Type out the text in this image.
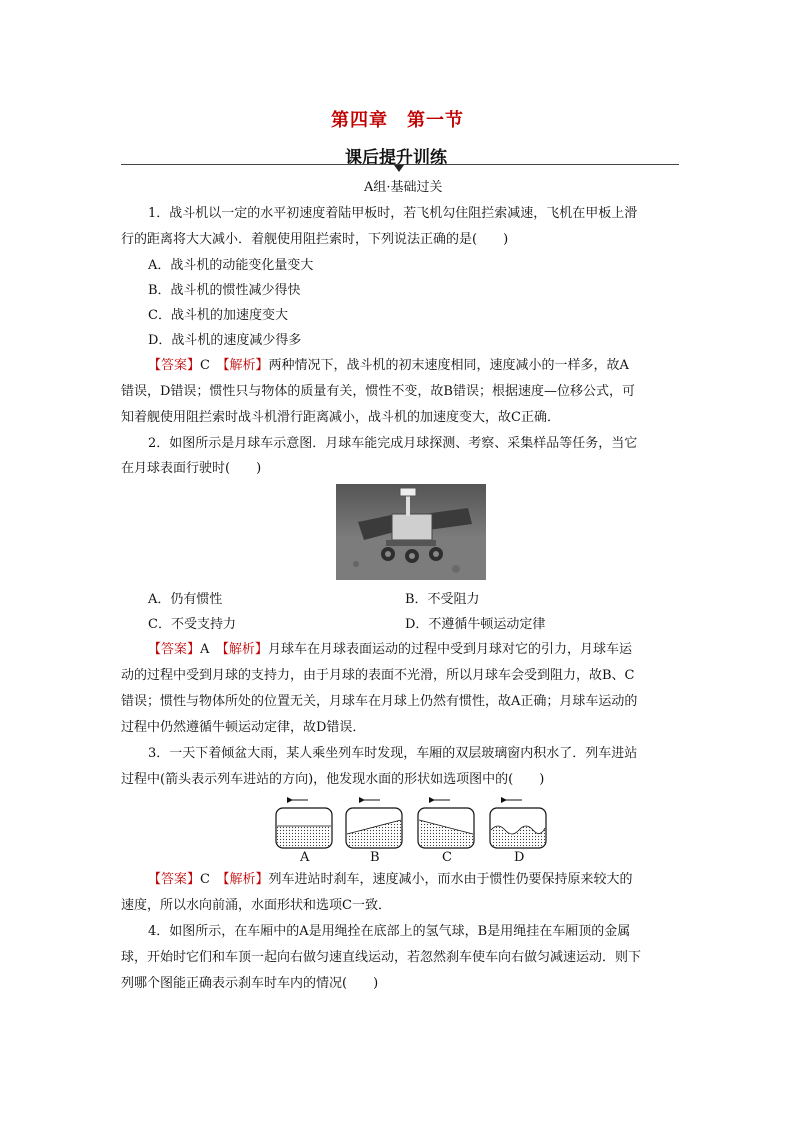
第四章　第一节
课后提升训练
A组·基础过关
1．战斗机以一定的水平初速度着陆甲板时，若飞机勾住阻拦索减速，飞机在甲板上滑
行的距离将大大减小．着舰使用阻拦索时，下列说法正确的是(　　)
A．战斗机的动能变化量变大
B．战斗机的惯性减少得快
C．战斗机的加速度变大
D．战斗机的速度减少得多
【答案】C　 【解析】两种情况下，战斗机的初末速度相同，速度减小的一样多，故A
错误，D错误；惯性只与物体的质量有关，惯性不变，故B错误；根据速度—位移公式，可
知着舰使用阻拦索时战斗机滑行距离减小，战斗机的加速度变大，故C正确．
2．如图所示是月球车示意图．月球车能完成月球探测、考察、采集样品等任务，当它
在月球表面行驶时(　　)
A．仍有惯性	B．不受阻力
C．不受支持力	D．不遵循牛顿运动定律
【答案】A　 【解析】月球车在月球表面运动的过程中受到月球对它的引力，月球车运
动的过程中受到月球的支持力，由于月球的表面不光滑，所以月球车会受到阻力，故B、C
错误；惯性与物体所处的位置无关，月球车在月球上仍然有惯性，故A正确；月球车运动的
过程中仍然遵循牛顿运动定律，故D错误．
3．一天下着倾盆大雨，某人乘坐列车时发现，车厢的双层玻璃窗内积水了．列车进站
过程中(箭头表示列车进站的方向)，他发现水面的形状如选项图中的(　　)
A	B	C	D
【答案】C　 【解析】列车进站时刹车，速度减小，而水由于惯性仍要保持原来较大的
速度，所以水向前涌，水面形状和选项C一致．
4．如图所示，在车厢中的A是用绳拴在底部上的氢气球，B是用绳挂在车厢顶的金属
球，开始时它们和车顶一起向右做匀速直线运动，若忽然刹车使车向右做匀减速运动．则下
列哪个图能正确表示刹车时车内的情况(　　)
